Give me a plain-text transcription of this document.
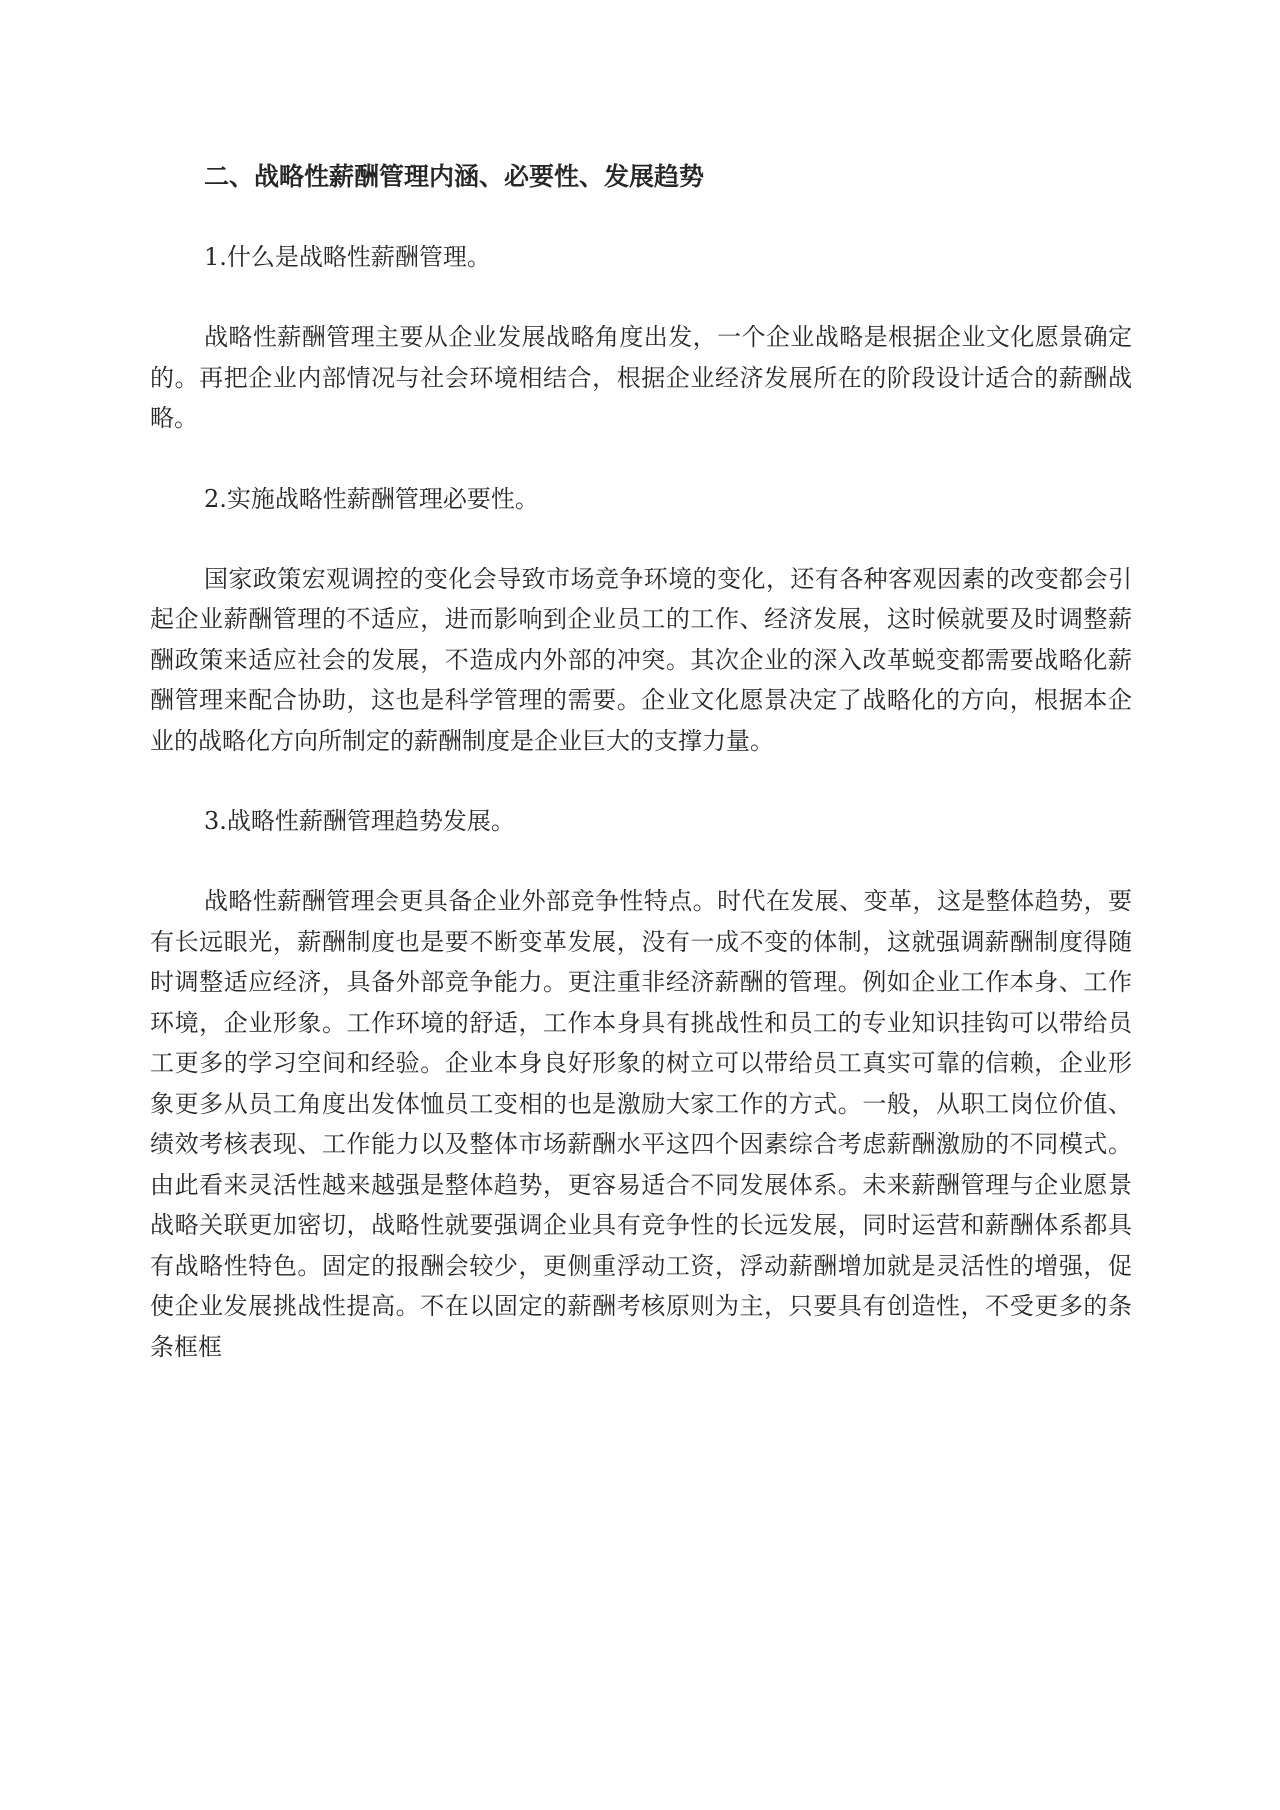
二、战略性薪酬管理内涵、必要性、发展趋势

1.什么是战略性薪酬管理。

战略性薪酬管理主要从企业发展战略角度出发，一个企业战略是根据企业文化愿景确定的。再把企业内部情况与社会环境相结合，根据企业经济发展所在的阶段设计适合的薪酬战略。

2.实施战略性薪酬管理必要性。

国家政策宏观调控的变化会导致市场竞争环境的变化，还有各种客观因素的改变都会引起企业薪酬管理的不适应，进而影响到企业员工的工作、经济发展，这时候就要及时调整薪酬政策来适应社会的发展，不造成内外部的冲突。其次企业的深入改革蜕变都需要战略化薪酬管理来配合协助，这也是科学管理的需要。企业文化愿景决定了战略化的方向，根据本企业的战略化方向所制定的薪酬制度是企业巨大的支撑力量。

3.战略性薪酬管理趋势发展。

战略性薪酬管理会更具备企业外部竞争性特点。时代在发展、变革，这是整体趋势，要有长远眼光，薪酬制度也是要不断变革发展，没有一成不变的体制，这就强调薪酬制度得随时调整适应经济，具备外部竞争能力。更注重非经济薪酬的管理。例如企业工作本身、工作环境，企业形象。工作环境的舒适，工作本身具有挑战性和员工的专业知识挂钩可以带给员工更多的学习空间和经验。企业本身良好形象的树立可以带给员工真实可靠的信赖，企业形象更多从员工角度出发体恤员工变相的也是激励大家工作的方式。一般，从职工岗位价值、绩效考核表现、工作能力以及整体市场薪酬水平这四个因素综合考虑薪酬激励的不同模式。由此看来灵活性越来越强是整体趋势，更容易适合不同发展体系。未来薪酬管理与企业愿景战略关联更加密切，战略性就要强调企业具有竞争性的长远发展，同时运营和薪酬体系都具有战略性特色。固定的报酬会较少，更侧重浮动工资，浮动薪酬增加就是灵活性的增强，促使企业发展挑战性提高。不在以固定的薪酬考核原则为主，只要具有创造性，不受更多的条条框框
